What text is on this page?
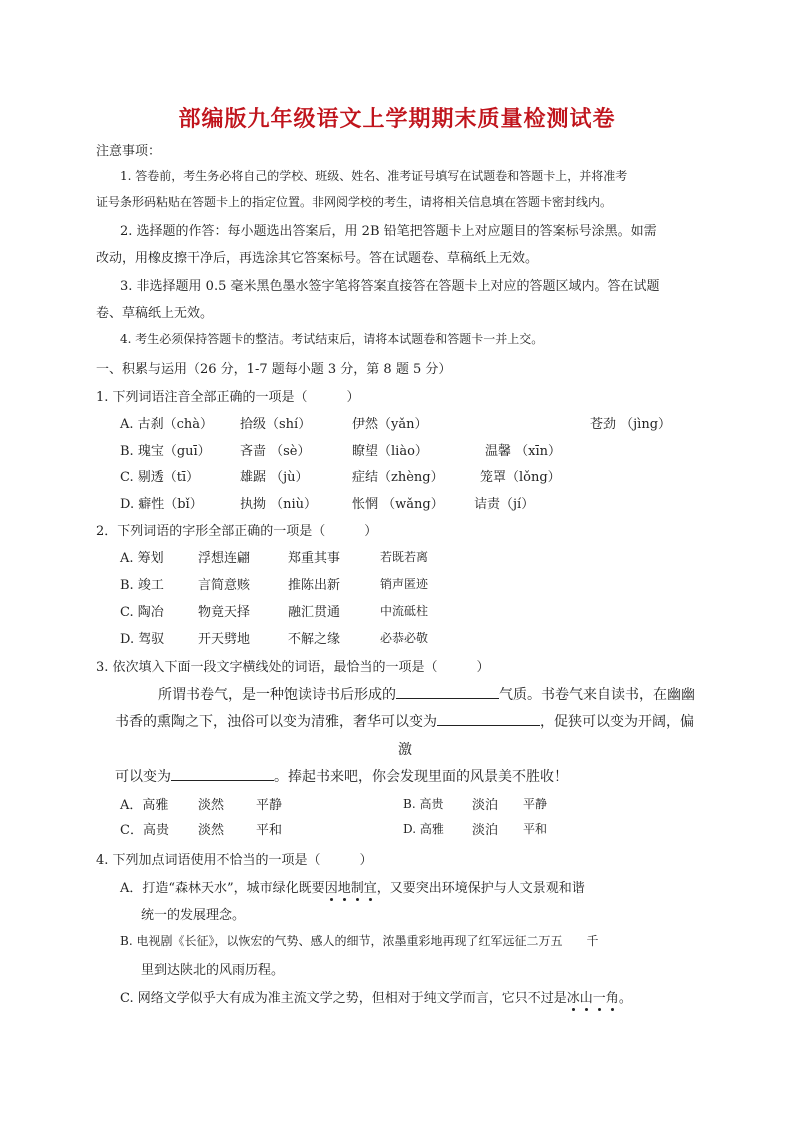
部编版九年级语文上学期期末质量检测试卷
注意事项：
1. 答卷前，考生务必将自己的学校、班级、姓名、准考证号填写在试题卷和答题卡上，并将准考
证号条形码粘贴在答题卡上的指定位置。非网阅学校的考生，请将相关信息填在答题卡密封线内。
2. 选择题的作答：每小题选出答案后，用 2B 铅笔把答题卡上对应题目的答案标号涂黑。如需
改动，用橡皮擦干净后，再选涂其它答案标号。答在试题卷、草稿纸上无效。
3. 非选择题用 0.5 毫米黑色墨水签字笔将答案直接答在答题卡上对应的答题区域内。答在试题
卷、草稿纸上无效。
4. 考生必须保持答题卡的整洁。考试结束后，请将本试题卷和答题卡一并上交。
一、积累与运用（26 分，1-7 题每小题 3 分，第 8 题 5 分）
1. 下列词语注音全部正确的一项是（　　　）
A. 古刹（chà） 拾级（shí）	伊然（yǎn）	苍劲 （jìng）
B. 瑰宝（guī） 吝啬 （sè）	瞭望（liào）	温馨 （xīn）
C. 剔透（tī）	雄踞 （jù）	症结（zhèng）	笼罩（lǒng）
D. 癖性（bǐ）	执拗 （niù）	怅惘 （wǎng） 诘责（jí）
2．下列词语的字形全部正确的一项是（　　　）
A. 筹划	浮想连翩	郑重其事	若既若离
B. 竣工	言简意赅	推陈出新	销声匿迹
C. 陶冶	物竟天择	融汇贯通	中流砥柱
D. 驾驭	开天劈地	不解之缘	必恭必敬
3. 依次填入下面一段文字横线处的词语，最恰当的一项是（　　　）
所谓书卷气，是一种饱读诗书后形成的	气质。书卷气来自读书，在幽幽
书香的熏陶之下，浊俗可以变为清雅，奢华可以变为	，促狭可以变为开阔，偏
激
可以变为	。捧起书来吧，你会发现里面的风景美不胜收！
A．高雅 淡然 平静	B. 高贵 淡泊 平静
C．高贵 淡然 平和	D. 高雅 淡泊 平和
4. 下列加点词语使用不恰当的一项是（　　　）
A．打造“森林天水”，城市绿化既要因地制宜，又要突出环境保护与人文景观和谐
统一的发展理念。
B. 电视剧《长征》，以恢宏的气势、感人的细节，浓墨重彩地再现了红军远征二万五　　千
里到达陕北的风雨历程。
C. 网络文学似乎大有成为准主流文学之势，但相对于纯文学而言，它只不过是冰山一角。
